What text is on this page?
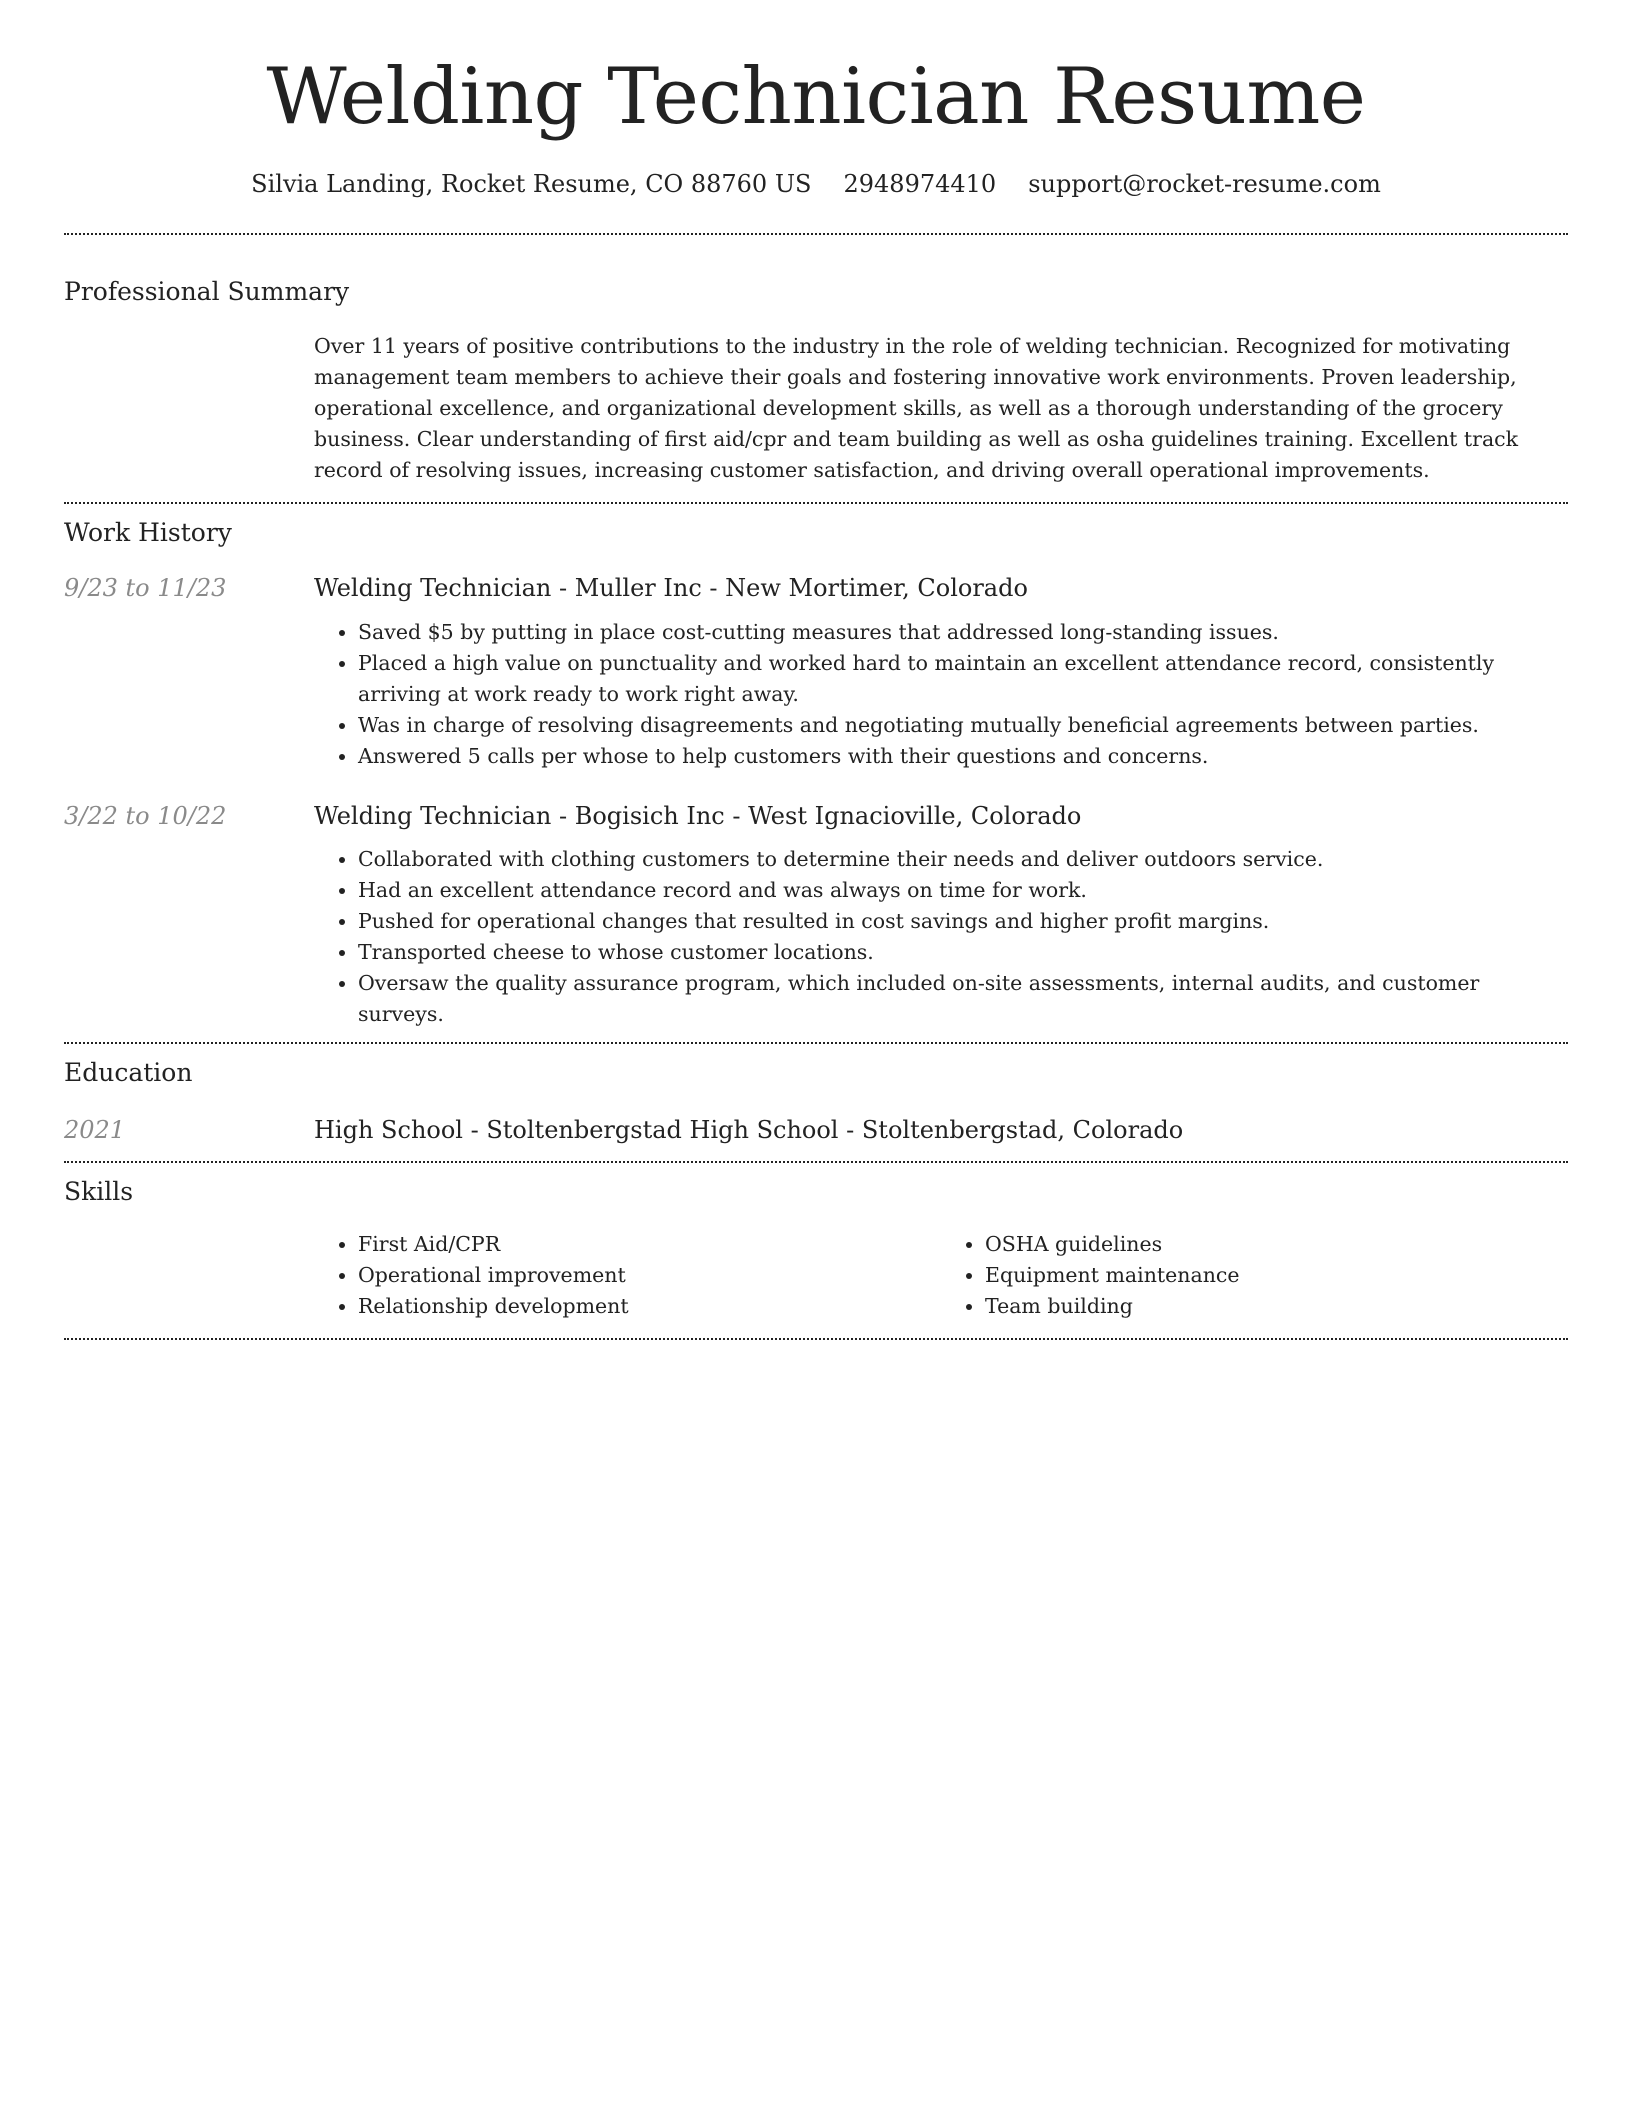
Welding Technician Resume
Silvia Landing, Rocket Resume, CO 88760 US 2948974410 support@rocket-resume.com
Professional Summary

Over 11 years of positive contributions to the industry in the role of welding technician. Recognized for motivating management team members to achieve their goals and fostering innovative work environments. Proven leadership, operational excellence, and organizational development skills, as well as a thorough understanding of the grocery business. Clear understanding of first aid/cpr and team building as well as osha guidelines training. Excellent track record of resolving issues, increasing customer satisfaction, and driving overall operational improvements.

Work History
9/23 to 11/23	Welding Technician - Muller Inc - New Mortimer, Colorado
• Saved $5 by putting in place cost-cutting measures that addressed long-standing issues.
• Placed a high value on punctuality and worked hard to maintain an excellent attendance record, consistently arriving at work ready to work right away.
• Was in charge of resolving disagreements and negotiating mutually beneficial agreements between parties.
• Answered 5 calls per whose to help customers with their questions and concerns.
3/22 to 10/22	Welding Technician - Bogisich Inc - West Ignacioville, Colorado
• Collaborated with clothing customers to determine their needs and deliver outdoors service.
• Had an excellent attendance record and was always on time for work.
• Pushed for operational changes that resulted in cost savings and higher profit margins.
• Transported cheese to whose customer locations.
• Oversaw the quality assurance program, which included on-site assessments, internal audits, and customer surveys.
Education
2021	High School - Stoltenbergstad High School - Stoltenbergstad, Colorado
Skills
• First Aid/CPR
• Operational improvement
• Relationship development
• OSHA guidelines
• Equipment maintenance
• Team building
